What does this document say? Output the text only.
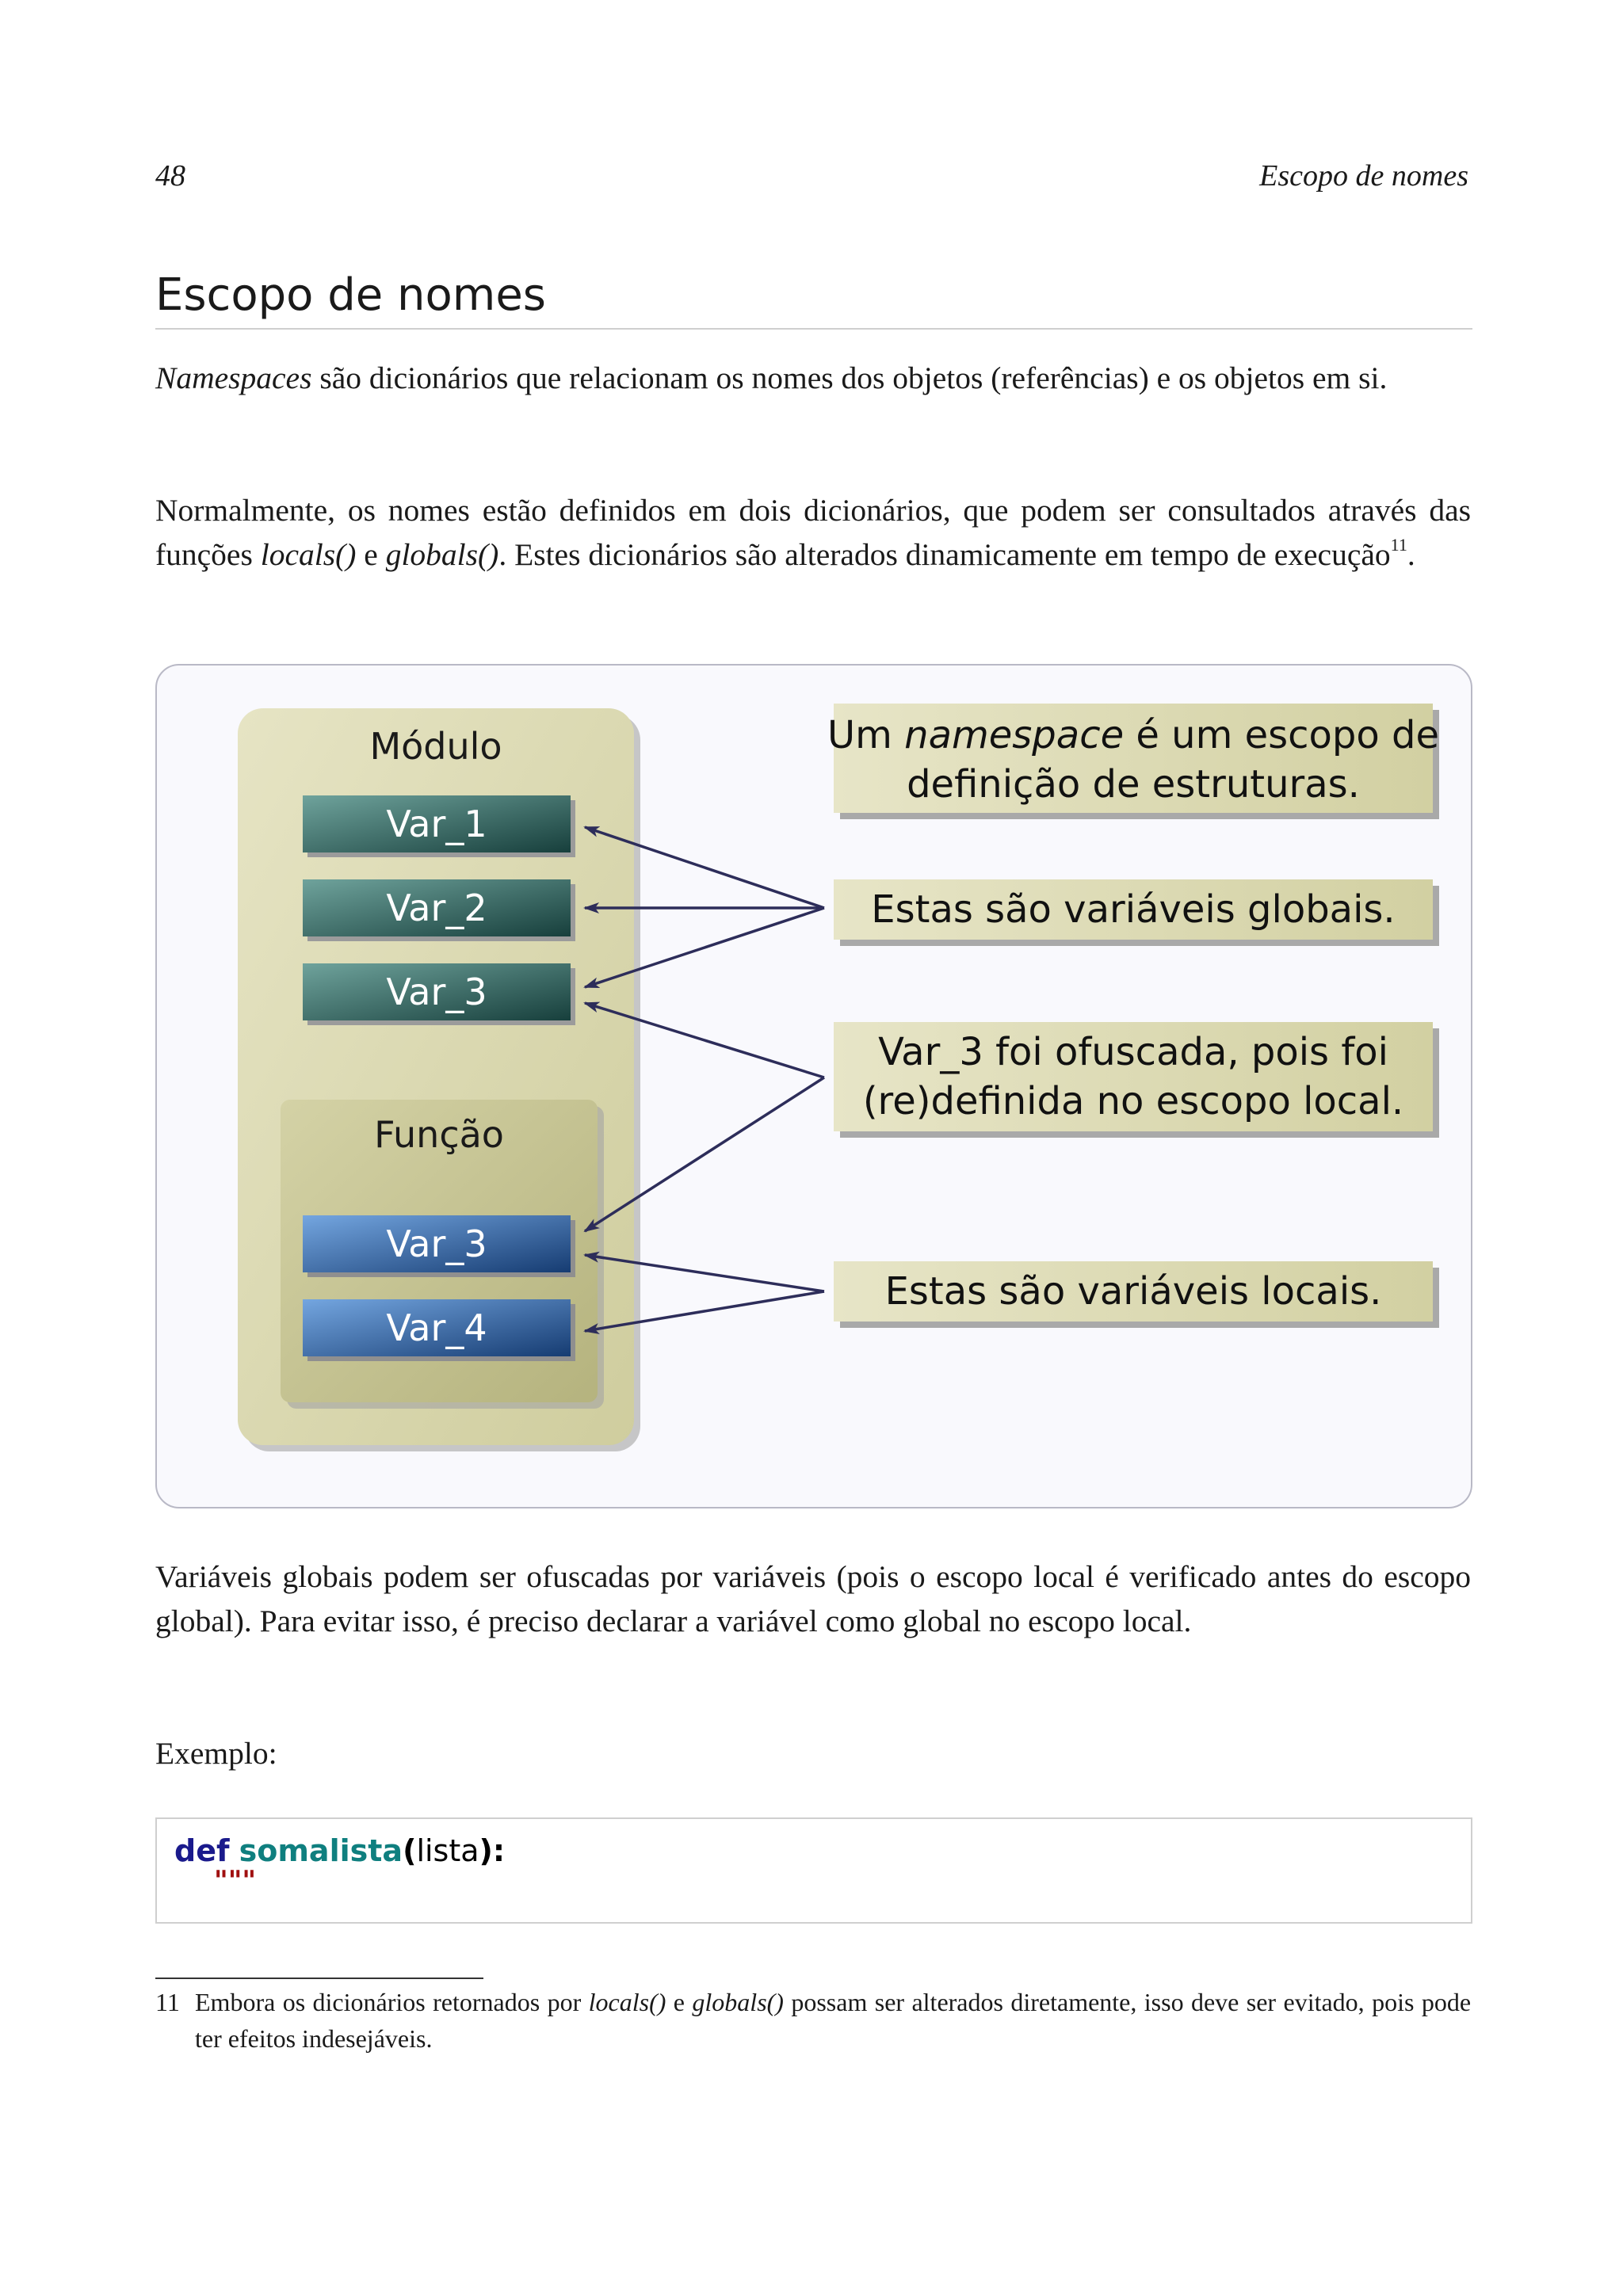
48	Escopo de nomes
Escopo de nomes
Namespaces são dicionários que relacionam os nomes dos objetos (referências) e os objetos em si.
Normalmente, os nomes estão definidos em dois dicionários, que podem ser consultados através das funções locals() e globals(). Estes dicionários são alterados dinamicamente em tempo de execução$^{11}$.
Módulo
Var_1
Var_2
Var_3
Função
Var_3
Var_4
Um namespace é um escopo de
definição de estruturas.
Estas são variáveis globais.
Var_3 foi ofuscada, pois foi
(re)definida no escopo local.
Estas são variáveis locais.
Variáveis globais podem ser ofuscadas por variáveis (pois o escopo local é verificado antes do escopo global). Para evitar isso, é preciso declarar a variável como global no escopo local.
Exemplo:
def somalista(lista):
"""
11 Embora os dicionários retornados por locals() e globals() possam ser alterados diretamente, isso deve ser evitado, pois pode ter efeitos indesejáveis.
